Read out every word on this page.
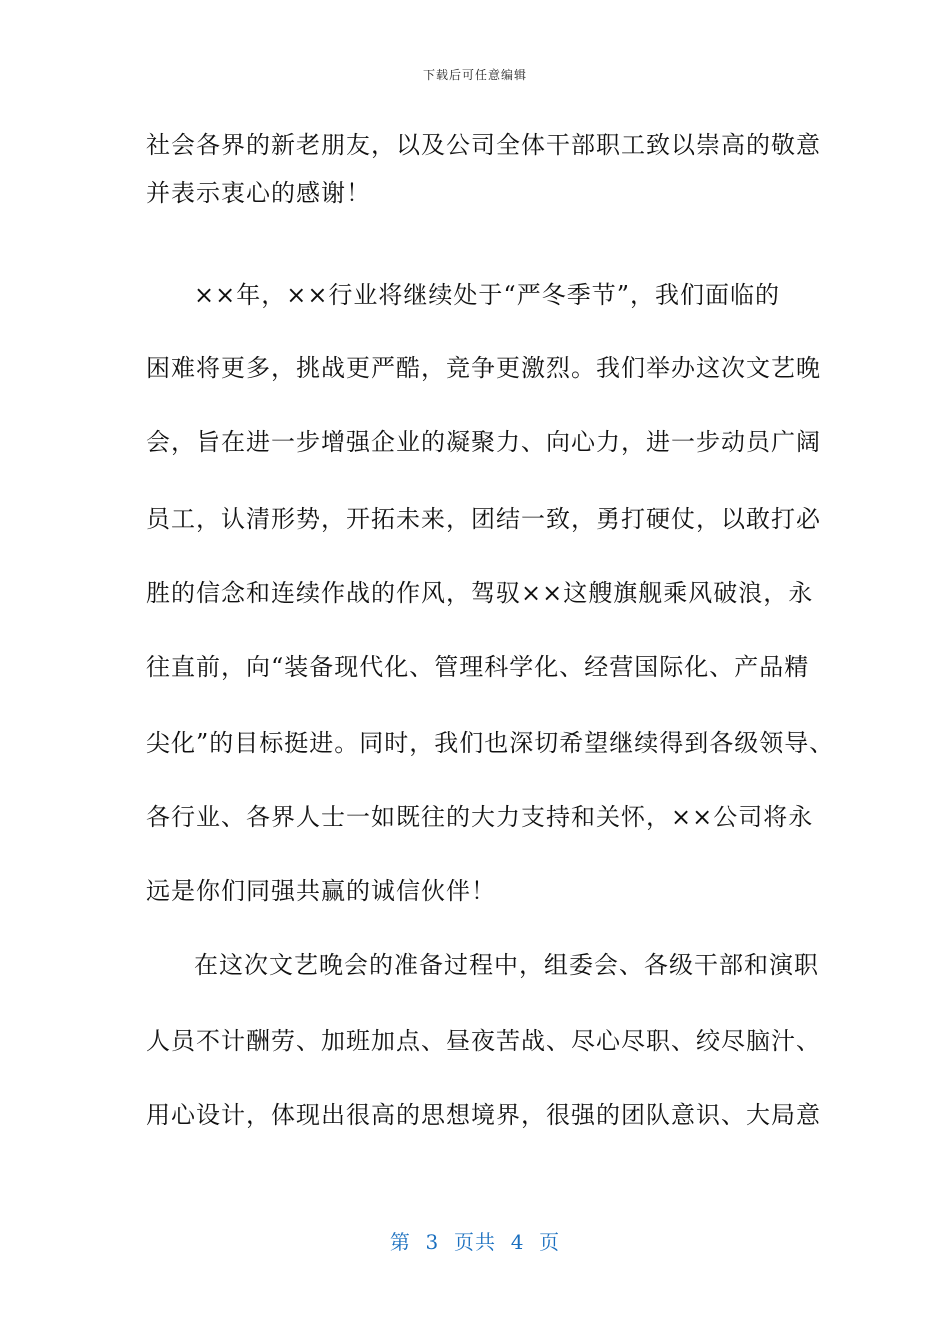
下载后可任意编辑
社会各界的新老朋友，以及公司全体干部职工致以崇高的敬意
并表示衷心的感谢！
××年，××行业将继续处于“严冬季节”，我们面临的
困难将更多，挑战更严酷，竞争更激烈。我们举办这次文艺晚
会，旨在进一步增强企业的凝聚力、向心力，进一步动员广阔
员工，认清形势，开拓未来，团结一致，勇打硬仗，以敢打必
胜的信念和连续作战的作风，驾驭××这艘旗舰乘风破浪，永
往直前，向“装备现代化、管理科学化、经营国际化、产品精
尖化”的目标挺进。同时，我们也深切希望继续得到各级领导、
各行业、各界人士一如既往的大力支持和关怀，××公司将永
远是你们同强共赢的诚信伙伴！
在这次文艺晚会的准备过程中，组委会、各级干部和演职
人员不计酬劳、加班加点、昼夜苦战、尽心尽职、绞尽脑汁、
用心设计，体现出很高的思想境界，很强的团队意识、大局意
第  3  页共  4  页
